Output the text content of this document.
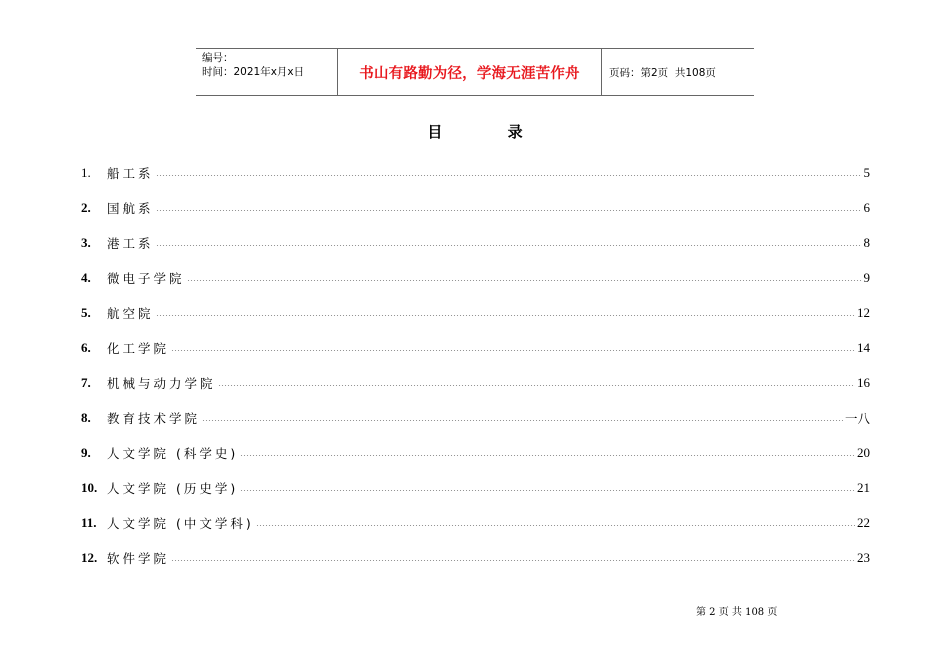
编号：
时间：2021年x月x日	书山有路勤为径，学海无涯苦作舟	页码：第2页  共108页
目 录
1.	船工系	5
2.	国航系	6
3.	港工系	8
4.	微电子学院	9
5.	航空院	12
6.	化工学院	14
7.	机械与动力学院	16
8.	教育技术学院	一八
9.	人文学院 (科学史)	20
10. 人文学院 (历史学)	21
11. 人文学院 (中文学科)	22
12. 软件学院	23
第 2 页 共 108 页
